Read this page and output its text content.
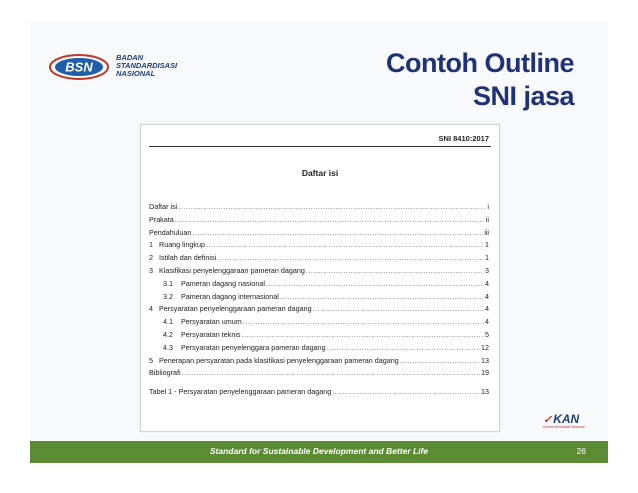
BSN
BADAN
STANDARDISASI
NASIONAL	Contoh Outline
SNI jasa
SNI 8410:2017
Daftar isi
Daftar isi .....	i
Prakata .....	ii
Pendahuluan .....	iii
1 Ruang lingkup .....	1
2 Istilah dan definisi .....	1
3 Klasifikasi penyelenggaraan pameran dagang .....	3
3.1	Pameran dagang nasional .....	4
3.2	Pameran dagang internasional .....	4
4 Persyaratan penyelenggaraan pameran dagang .....	4
4.1	Persyaratan umum .....	4
4.2	Persyaratan teknis .....	5
4.3	Persyaratan penyelenggara pameran dagang .....	12
5 Penerapan persyaratan pada klasifikasi penyelenggaraan pameran dagang .....	13
Bibliografi .....	19
Tabel 1 - Persyaratan penyelenggaraan pameran dagang .....	13
✓KAN
Komite Akreditasi Nasional
Standard for Sustainable Development and Better Life	26
